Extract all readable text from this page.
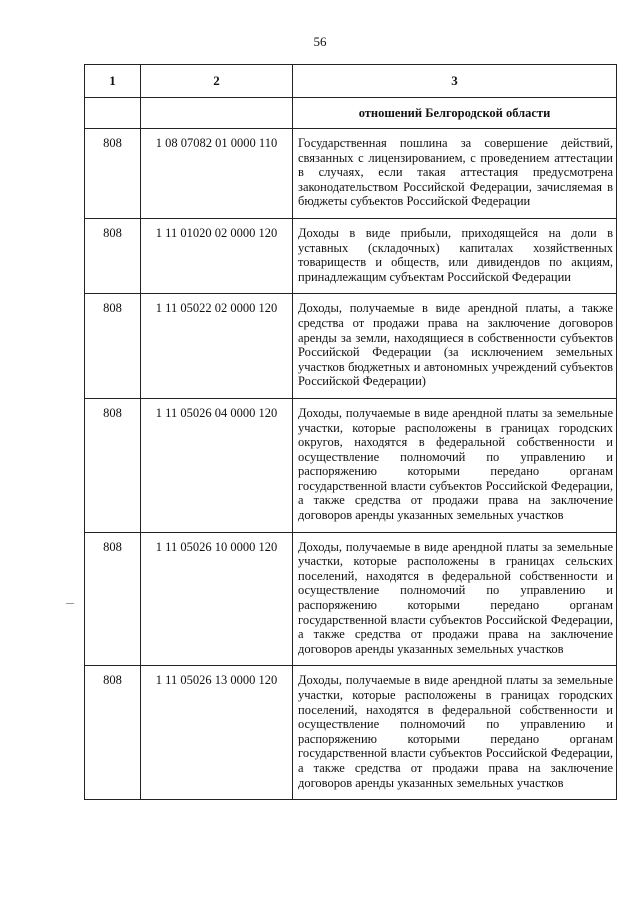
56
1	2	3
		отношений Белгородской области
808	1 08 07082 01 0000 110	Государственная пошлина за совершение действий, связанных с лицензированием, с проведением аттестации в случаях, если такая аттестация предусмотрена законодательством Российской Федерации, зачисляемая в бюджеты субъектов Российской Федерации
808	1 11 01020 02 0000 120	Доходы в виде прибыли, приходящейся на доли в уставных (складочных) капиталах хозяйственных товариществ и обществ, или дивидендов по акциям, принадлежащим субъектам Российской Федерации
808	1 11 05022 02 0000 120	Доходы, получаемые в виде арендной платы, а также средства от продажи права на заключение договоров аренды за земли, находящиеся в собственности субъектов Российской Федерации (за исключением земельных участков бюджетных и автономных учреждений субъектов Российской Федерации)
808	1 11 05026 04 0000 120	Доходы, получаемые в виде арендной платы за земельные участки, которые расположены в границах городских округов, находятся в федеральной собственности и осуществление полномочий по управлению и распоряжению которыми передано органам государственной власти субъектов Российской Федерации, а также средства от продажи права на заключение договоров аренды указанных земельных участков
808	1 11 05026 10 0000 120	Доходы, получаемые в виде арендной платы за земельные участки, которые расположены в границах сельских поселений, находятся в федеральной собственности и осуществление полномочий по управлению и распоряжению которыми передано органам государственной власти субъектов Российской Федерации, а также средства от продажи права на заключение договоров аренды указанных земельных участков
808	1 11 05026 13 0000 120	Доходы, получаемые в виде арендной платы за земельные участки, которые расположены в границах городских поселений, находятся в федеральной собственности и осуществление полномочий по управлению и распоряжению которыми передано органам государственной власти субъектов Российской Федерации, а также средства от продажи права на заключение договоров аренды указанных земельных участков
